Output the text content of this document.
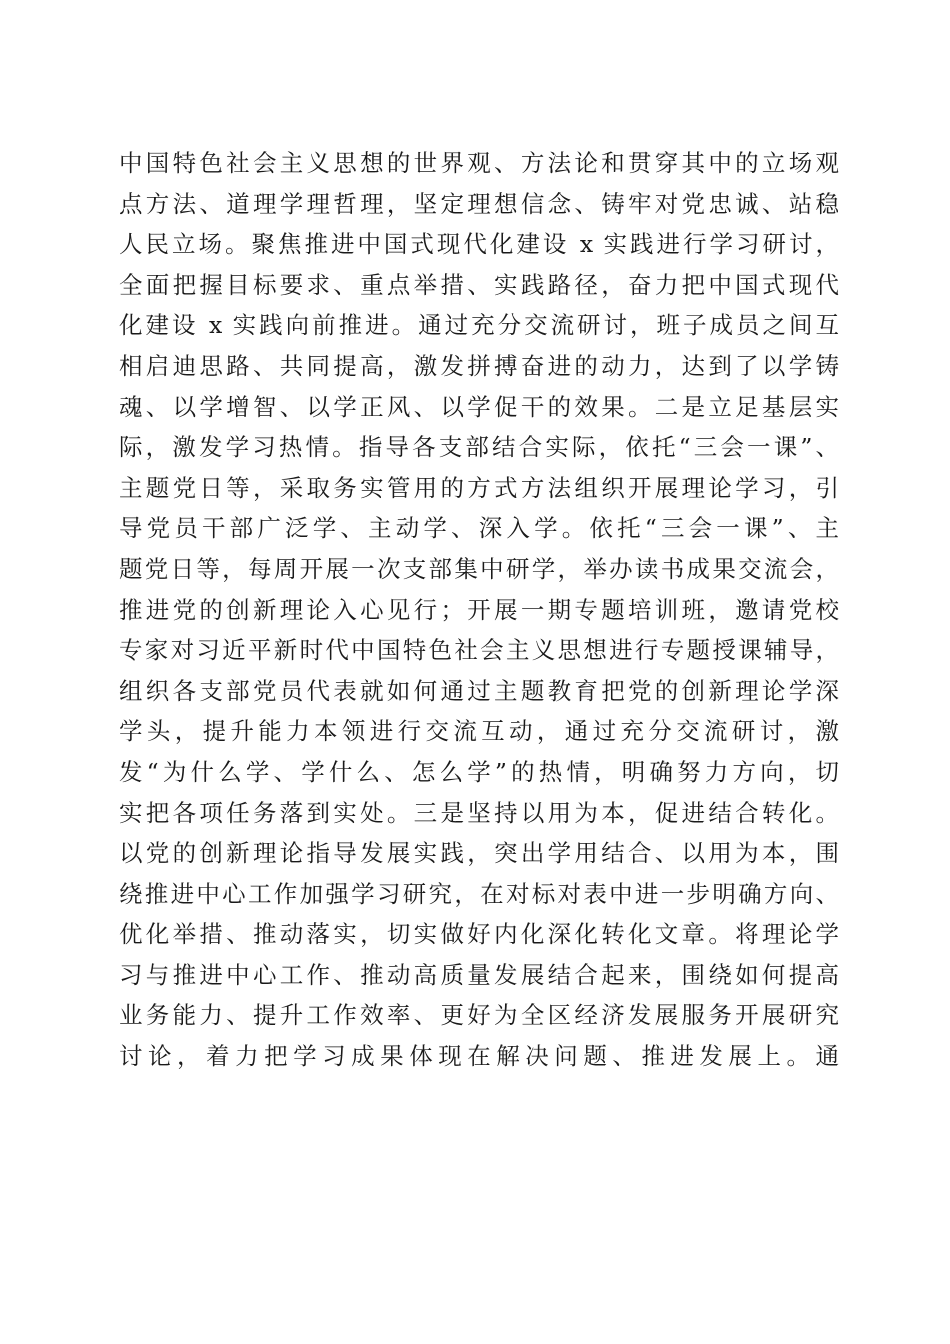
中国特色社会主义思想的世界观、方法论和贯穿其中的立场观
点方法、道理学理哲理，坚定理想信念、铸牢对党忠诚、站稳
人民立场。聚焦推进中国式现代化建设 x 实践进行学习研讨，
全面把握目标要求、重点举措、实践路径，奋力把中国式现代
化建设 x 实践向前推进。通过充分交流研讨，班子成员之间互
相启迪思路、共同提高，激发拼搏奋进的动力，达到了以学铸
魂、以学增智、以学正风、以学促干的效果。二是立足基层实
际，激发学习热情。指导各支部结合实际，依托“三会一课”、
主题党日等，采取务实管用的方式方法组织开展理论学习，引
导党员干部广泛学、主动学、深入学。依托“三会一课”、主
题党日等，每周开展一次支部集中研学，举办读书成果交流会，
推进党的创新理论入心见行；开展一期专题培训班，邀请党校
专家对习近平新时代中国特色社会主义思想进行专题授课辅导，
组织各支部党员代表就如何通过主题教育把党的创新理论学深
学头，提升能力本领进行交流互动，通过充分交流研讨，激
发“为什么学、学什么、怎么学”的热情，明确努力方向，切
实把各项任务落到实处。三是坚持以用为本，促进结合转化。
以党的创新理论指导发展实践，突出学用结合、以用为本，围
绕推进中心工作加强学习研究，在对标对表中进一步明确方向、
优化举措、推动落实，切实做好内化深化转化文章。将理论学
习与推进中心工作、推动高质量发展结合起来，围绕如何提高
业务能力、提升工作效率、更好为全区经济发展服务开展研究
讨论，着力把学习成果体现在解决问题、推进发展上。通
